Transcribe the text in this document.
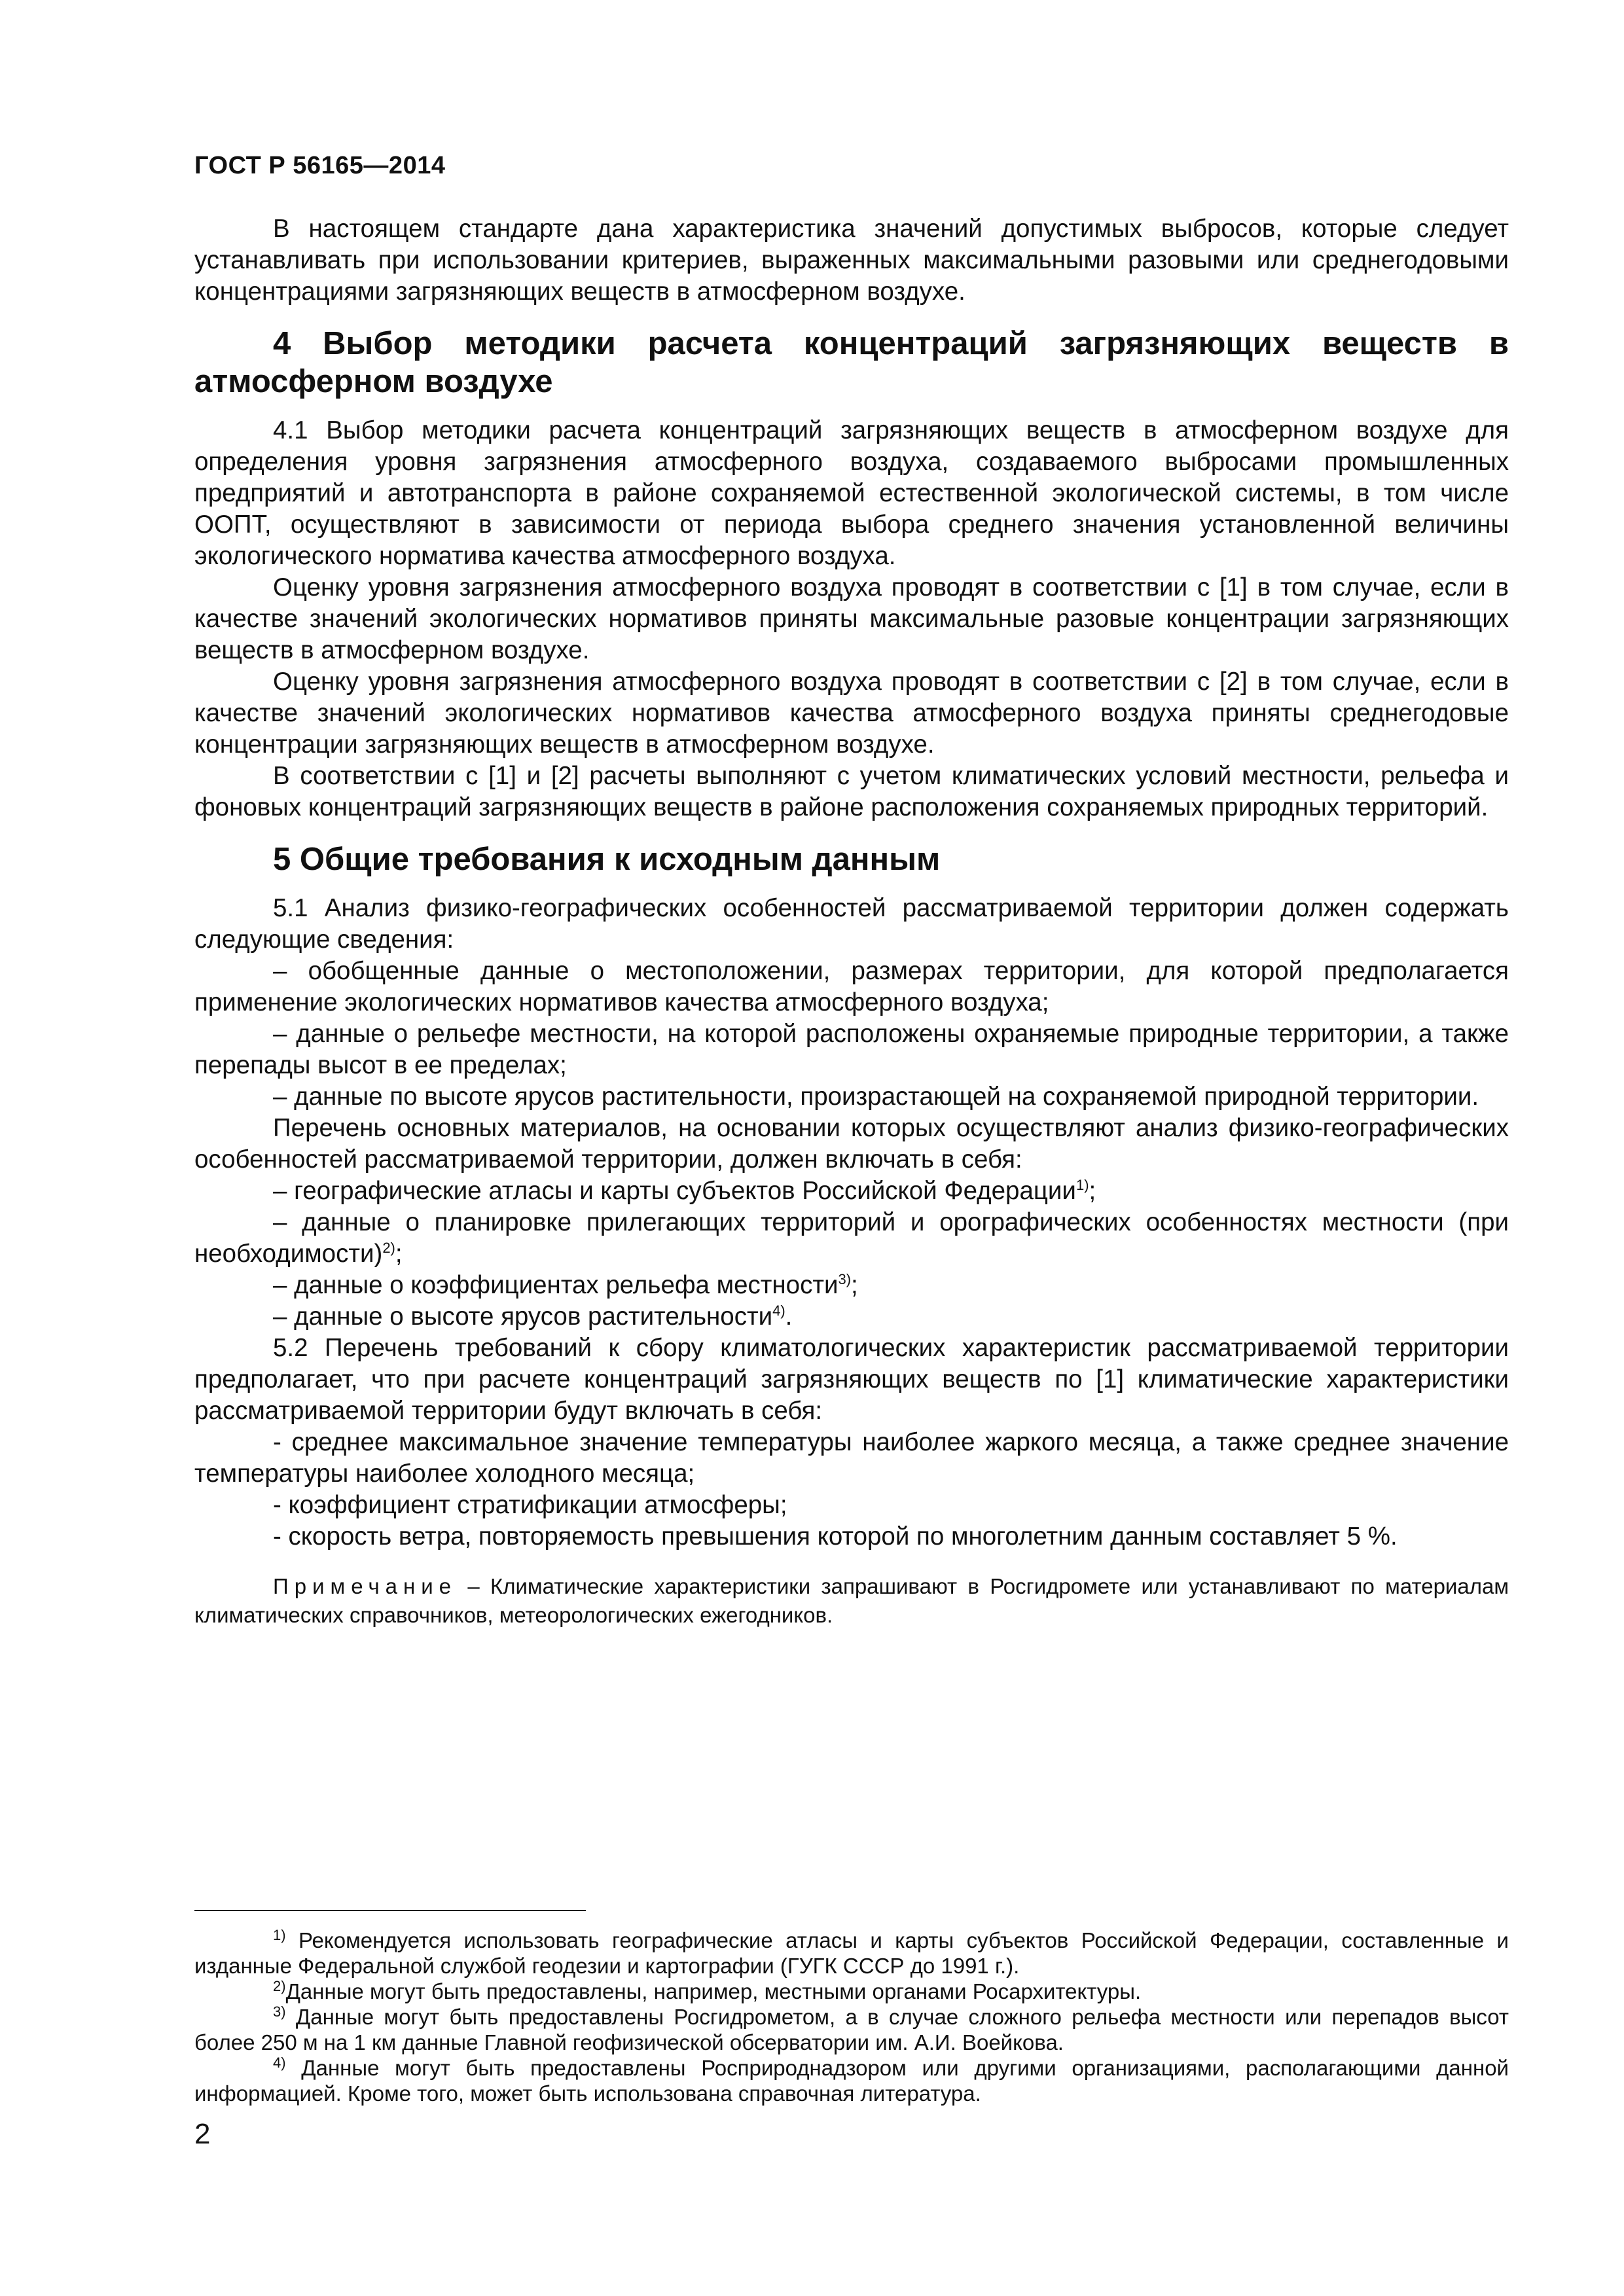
ГОСТ Р 56165—2014

В настоящем стандарте дана характеристика значений допустимых выбросов, которые следует устанавливать при использовании критериев, выраженных максимальными разовыми или среднегодовыми концентрациями загрязняющих веществ в атмосферном воздухе.

4 Выбор методики расчета концентраций загрязняющих веществ в атмосферном воздухе

4.1 Выбор методики расчета концентраций загрязняющих веществ в атмосферном воздухе для определения уровня загрязнения атмосферного воздуха, создаваемого выбросами промышленных предприятий и автотранспорта в районе сохраняемой естественной экологической системы, в том числе ООПТ, осуществляют в зависимости от периода выбора среднего значения установленной величины экологического норматива качества атмосферного воздуха.

Оценку уровня загрязнения атмосферного воздуха проводят в соответствии с [1] в том случае, если в качестве значений экологических нормативов приняты максимальные разовые концентрации загрязняющих веществ в атмосферном воздухе.

Оценку уровня загрязнения атмосферного воздуха проводят в соответствии с [2] в том случае, если в качестве значений экологических нормативов качества атмосферного воздуха приняты среднегодовые концентрации загрязняющих веществ в атмосферном воздухе.

В соответствии с [1] и [2] расчеты выполняют с учетом климатических условий местности, рельефа и фоновых концентраций загрязняющих веществ в районе расположения сохраняемых природных территорий.

5 Общие требования к исходным данным

5.1 Анализ физико-географических особенностей рассматриваемой территории должен содержать следующие сведения:

– обобщенные данные о местоположении, размерах территории, для которой предполагается применение экологических нормативов качества атмосферного воздуха;

– данные о рельефе местности, на которой расположены охраняемые природные территории, а также перепады высот в ее пределах;

– данные по высоте ярусов растительности, произрастающей на сохраняемой природной территории.

Перечень основных материалов, на основании которых осуществляют анализ физико-географических особенностей рассматриваемой территории, должен включать в себя:

– географические атласы и карты субъектов Российской Федерации$^{1)}$;

– данные о планировке прилегающих территорий и орографических особенностях местности (при необходимости)$^{2)}$;

– данные о коэффициентах рельефа местности$^{3)}$;

– данные о высоте ярусов растительности$^{4)}$.

5.2 Перечень требований к сбору климатологических характеристик рассматриваемой территории предполагает, что при расчете концентраций загрязняющих веществ по [1] климатические характеристики рассматриваемой территории будут включать в себя:

- среднее максимальное значение температуры наиболее жаркого месяца, а также среднее значение температуры наиболее холодного месяца;

- коэффициент стратификации атмосферы;

- скорость ветра, повторяемость превышения которой по многолетним данным составляет 5 %.

Примечание – Климатические характеристики запрашивают в Росгидромете или устанавливают по материалам климатических справочников, метеорологических ежегодников.

$^{1)}$ Рекомендуется использовать географические атласы и карты субъектов Российской Федерации, составленные и изданные Федеральной службой геодезии и картографии (ГУГК СССР до 1991 г.).

$^{2)}$Данные могут быть предоставлены, например, местными органами Росархитектуры.

$^{3)}$ Данные могут быть предоставлены Росгидрометом, а в случае сложного рельефа местности или перепадов высот более 250 м на 1 км данные Главной геофизической обсерватории им. А.И. Воейкова.

$^{4)}$ Данные могут быть предоставлены Росприроднадзором или другими организациями, располагающими данной информацией. Кроме того, может быть использована справочная литература.

2
